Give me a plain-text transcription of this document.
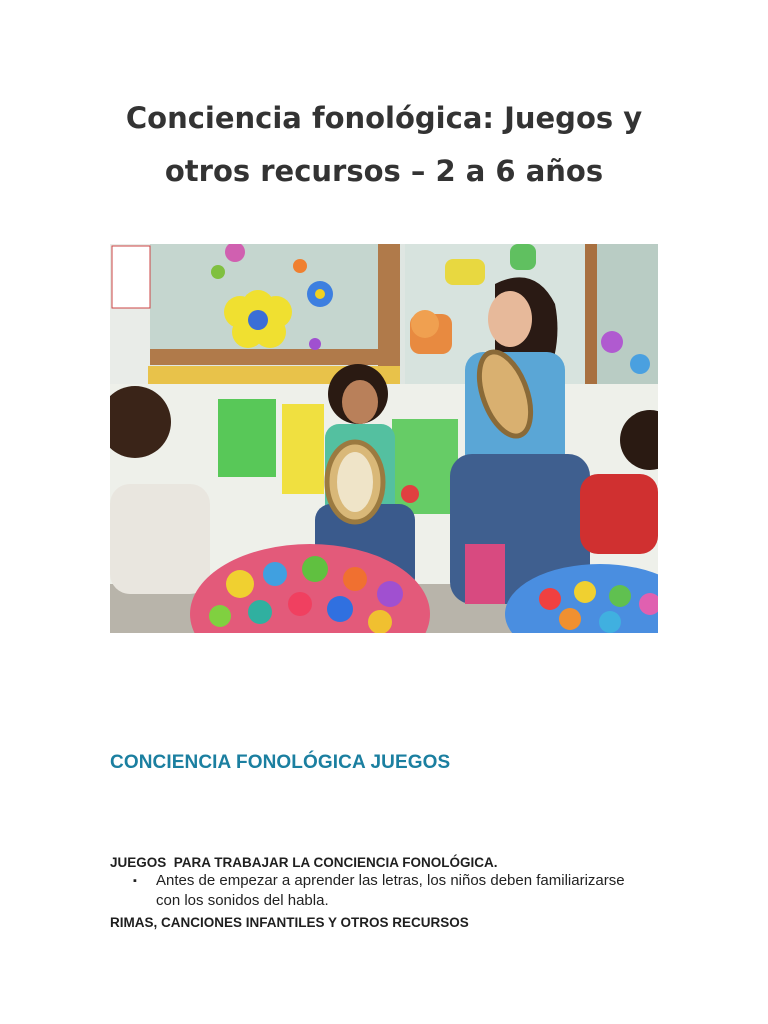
Conciencia fonológica: Juegos y
otros recursos – 2 a 6 años
CONCIENCIA FONOLÓGICA JUEGOS

JUEGOS  PARA TRABAJAR LA CONCIENCIA FONOLÓGICA.

RIMAS, CANCIONES INFANTILES Y OTROS RECURSOS

▪ Antes de empezar a aprender las letras, los niños deben familiarizarse
con los sonidos del habla.
